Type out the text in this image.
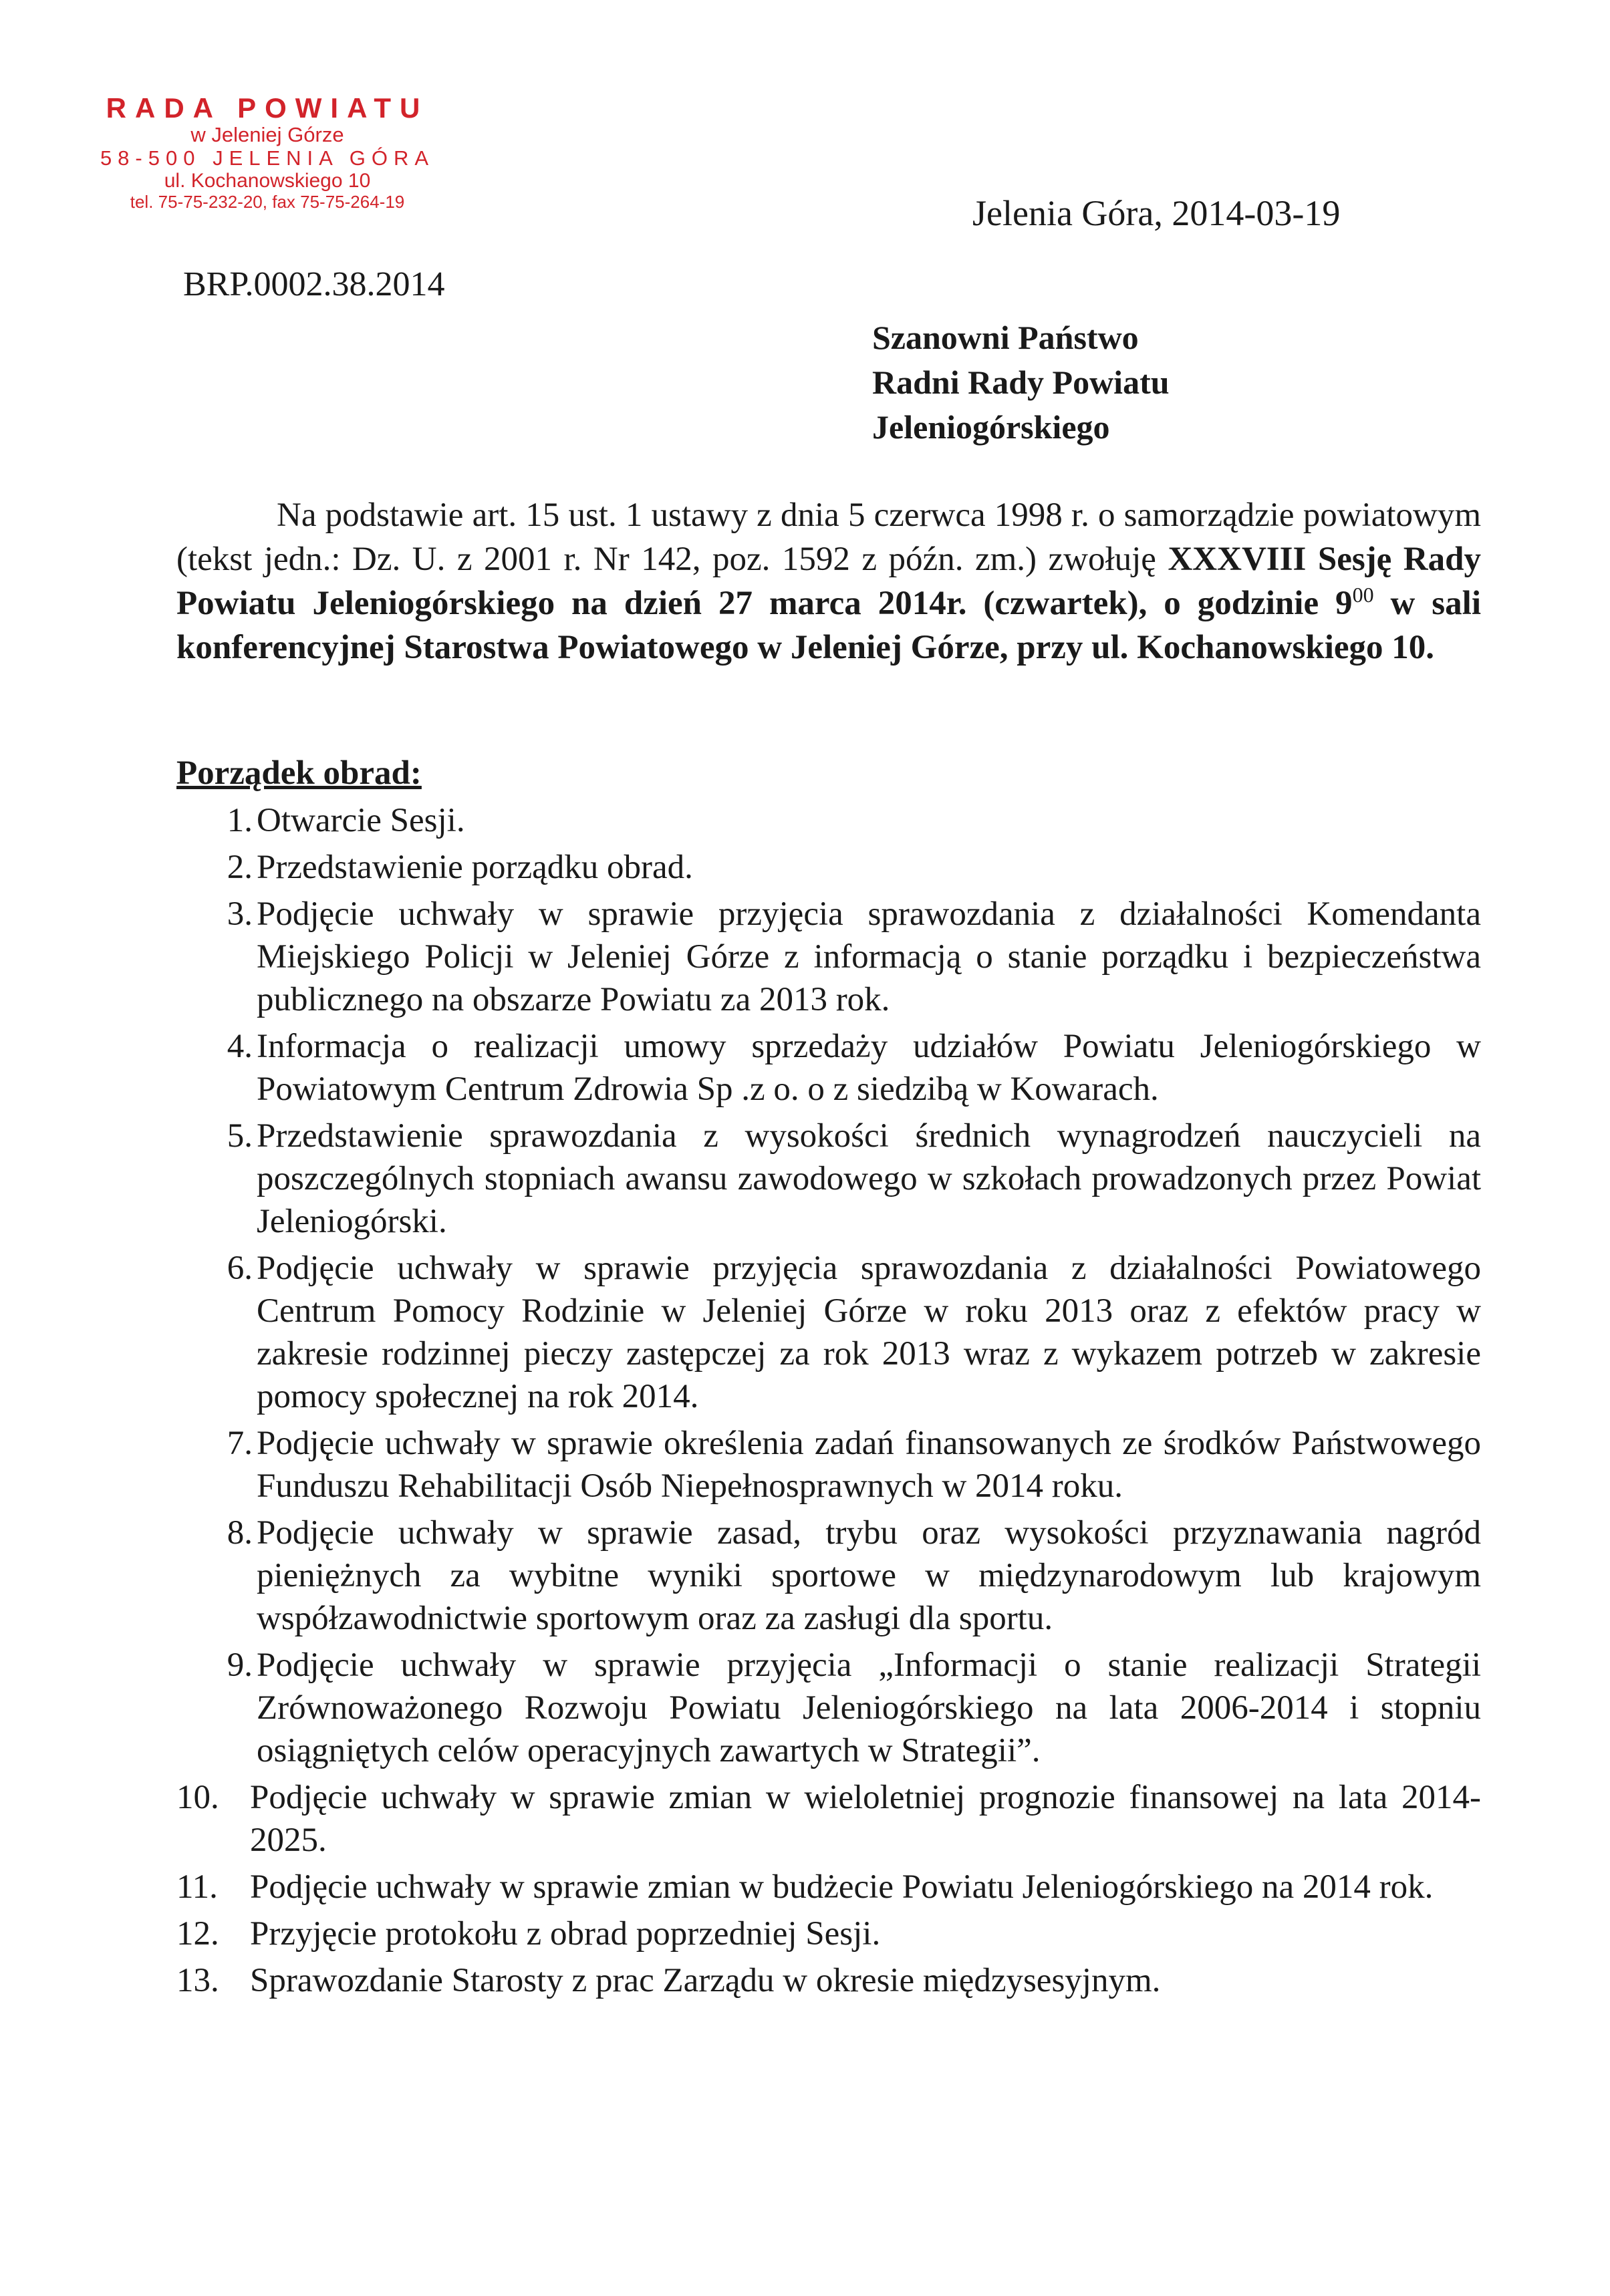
RADA POWIATU
w Jeleniej Górze
58-500 JELENIA GÓRA
ul. Kochanowskiego 10
tel. 75-75-232-20, fax 75-75-264-19	Jelenia Góra, 2014-03-19
BRP.0002.38.2014
Szanowni Państwo
Radni Rady Powiatu
Jeleniogórskiego

Na podstawie art. 15 ust. 1 ustawy z dnia 5 czerwca 1998 r. o samorządzie powiatowym (tekst jedn.: Dz. U. z 2001 r. Nr 142, poz. 1592 z późn. zm.) zwołuję XXXVIII Sesję Rady Powiatu Jeleniogórskiego na dzień 27 marca 2014r. (czwartek), o godzinie $9^{00}$ w sali konferencyjnej Starostwa Powiatowego w Jeleniej Górze, przy ul. Kochanowskiego 10.

Porządek obrad:
1. Otwarcie Sesji.
2. Przedstawienie porządku obrad.
3. Podjęcie uchwały w sprawie przyjęcia sprawozdania z działalności Komendanta Miejskiego Policji w Jeleniej Górze z informacją o stanie porządku i bezpieczeństwa publicznego na obszarze Powiatu za 2013 rok.
4. Informacja o realizacji umowy sprzedaży udziałów Powiatu Jeleniogórskiego w Powiatowym Centrum Zdrowia Sp .z o. o z siedzibą w Kowarach.
5. Przedstawienie sprawozdania z wysokości średnich wynagrodzeń nauczycieli na poszczególnych stopniach awansu zawodowego w szkołach prowadzonych przez Powiat Jeleniogórski.
6. Podjęcie uchwały w sprawie przyjęcia sprawozdania z działalności Powiatowego Centrum Pomocy Rodzinie w Jeleniej Górze w roku 2013 oraz z efektów pracy w zakresie rodzinnej pieczy zastępczej za rok 2013 wraz z wykazem potrzeb w zakresie pomocy społecznej na rok 2014.
7. Podjęcie uchwały w sprawie określenia zadań finansowanych ze środków Państwowego Funduszu Rehabilitacji Osób Niepełnosprawnych w 2014 roku.
8. Podjęcie uchwały w sprawie zasad, trybu oraz wysokości przyznawania nagród pieniężnych za wybitne wyniki sportowe w międzynarodowym lub krajowym współzawodnictwie sportowym oraz za zasługi dla sportu.
9. Podjęcie uchwały w sprawie przyjęcia „Informacji o stanie realizacji Strategii Zrównoważonego Rozwoju Powiatu Jeleniogórskiego na lata 2006-2014 i stopniu osiągniętych celów operacyjnych zawartych w Strategii”.
10. Podjęcie uchwały w sprawie zmian w wieloletniej prognozie finansowej na lata 2014-2025.
11. Podjęcie uchwały w sprawie zmian w budżecie Powiatu Jeleniogórskiego na 2014 rok.
12. Przyjęcie protokołu z obrad poprzedniej Sesji.
13. Sprawozdanie Starosty z prac Zarządu w okresie międzysesyjnym.
